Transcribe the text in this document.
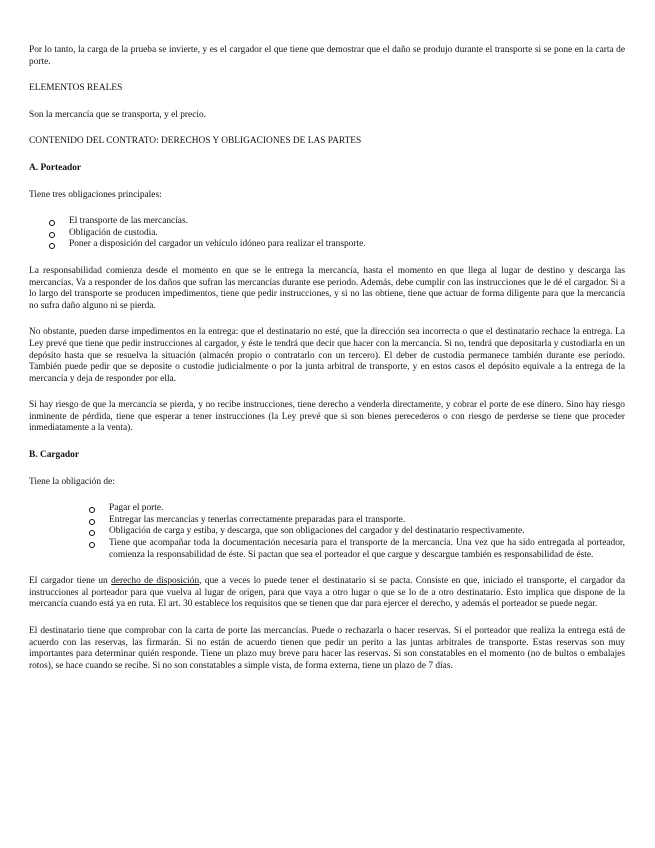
Por lo tanto, la carga de la prueba se invierte, y es el cargador el que tiene que demostrar que el daño se produjo durante el transporte si se pone en la carta de porte.

ELEMENTOS REALES

Son la mercancía que se transporta, y el precio.

CONTENIDO DEL CONTRATO: DERECHOS Y OBLIGACIONES DE LAS PARTES

A. Porteador

Tiene tres obligaciones principales:

El transporte de las mercancías.
Obligación de custodia.
Poner a disposición del cargador un vehículo idóneo para realizar el transporte.

La responsabilidad comienza desde el momento en que se le entrega la mercancía, hasta el momento en que llega al lugar de destino y descarga las mercancías. Va a responder de los daños que sufran las mercancías durante ese periodo. Además, debe cumplir con las instrucciones que le dé el cargador. Si a lo largo del transporte se producen impedimentos, tiene que pedir instrucciones, y si no las obtiene, tiene que actuar de forma diligente para que la mercancía no sufra daño alguno ni se pierda.

No obstante, pueden darse impedimentos en la entrega: que el destinatario no esté, que la dirección sea incorrecta o que el destinatario rechace la entrega. La Ley prevé que tiene que pedir instrucciones al cargador, y éste le tendrá que decir que hacer con la mercancía. Si no, tendrá que depositarla y custodiarla en un depósito hasta que se resuelva la situación (almacén propio o contratarlo con un tercero). El deber de custodia permanece también durante ese periodo. También puede pedir que se deposite o custodie judicialmente o por la junta arbitral de transporte, y en estos casos el depósito equivale a la entrega de la mercancía y deja de responder por ella.

Si hay riesgo de que la mercancía se pierda, y no recibe instrucciones, tiene derecho a venderla directamente, y cobrar el porte de ese dinero. Sino hay riesgo inminente de pérdida, tiene que esperar a tener instrucciones (la Ley prevé que si son bienes perecederos o con riesgo de perderse se tiene que proceder inmediatamente a la venta).

B. Cargador

Tiene la obligación de:

Pagar el porte.
Entregar las mercancías y tenerlas correctamente preparadas para el transporte.
Obligación de carga y estiba, y descarga, que son obligaciones del cargador y del destinatario respectivamente.
Tiene que acompañar toda la documentación necesaria para el transporte de la mercancía. Una vez que ha sido entregada al porteador, comienza la responsabilidad de éste. Si pactan que sea el porteador el que cargue y descargue también es responsabilidad de éste.

El cargador tiene un derecho de disposición, que a veces lo puede tener el destinatario si se pacta. Consiste en que, iniciado el transporte, el cargador da instrucciones al porteador para que vuelva al lugar de origen, para que vaya a otro lugar o que se lo de a otro destinatario. Esto implica que dispone de la mercancía cuando está ya en ruta. El art. 30 establece los requisitos que se tienen que dar para ejercer el derecho, y además el porteador se puede negar.

El destinatario tiene que comprobar con la carta de porte las mercancías. Puede o rechazarla o hacer reservas. Si el porteador que realiza la entrega está de acuerdo con las reservas, las firmarán. Si no están de acuerdo tienen que pedir un perito a las juntas arbitrales de transporte. Estas reservas son muy importantes para determinar quién responde. Tiene un plazo muy breve para hacer las reservas. Si son constatables en el momento (no de bultos o embalajes rotos), se hace cuando se recibe. Si no son constatables a simple vista, de forma externa, tiene un plazo de 7 días.
